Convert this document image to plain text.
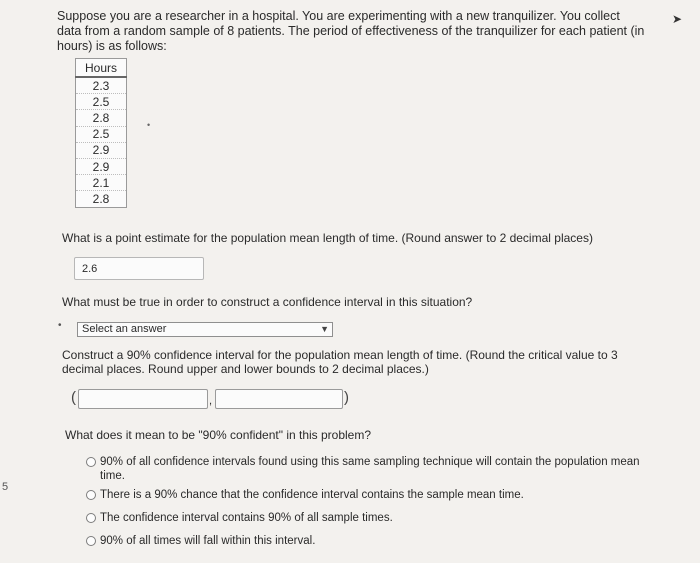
Suppose you are a researcher in a hospital. You are experimenting with a new tranquilizer. You collect data from a random sample of 8 patients. The period of effectiveness of the tranquilizer for each patient (in hours) is as follows:
➤
Hours
2.3
2.5
2.8
2.5
2.9
2.9
2.1
2.8
•
What is a point estimate for the population mean length of time. (Round answer to 2 decimal places)
2.6
What must be true in order to construct a confidence interval in this situation?
•	Select an answer	▼
Construct a 90% confidence interval for the population mean length of time. (Round the critical value to 3 decimal places. Round upper and lower bounds to 2 decimal places.)
(	,	)
What does it mean to be "90% confident" in this problem?
90% of all confidence intervals found using this same sampling technique will contain the population mean time.
There is a 90% chance that the confidence interval contains the sample mean time.
The confidence interval contains 90% of all sample times.
90% of all times will fall within this interval.
5
